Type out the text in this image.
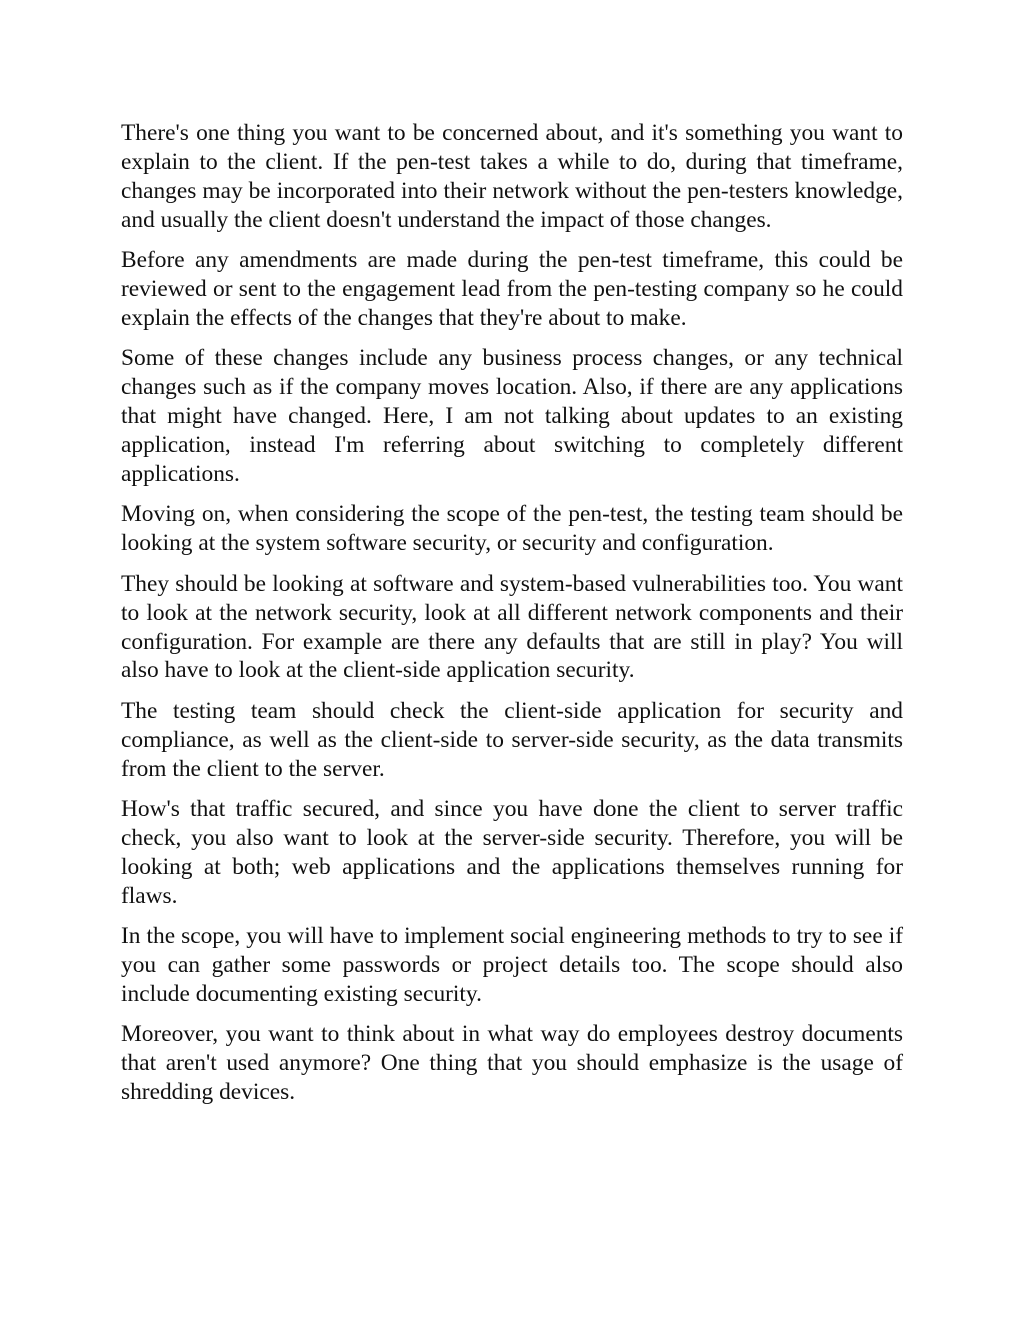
There's one thing you want to be concerned about, and it's something you want to explain to the client. If the pen-test takes a while to do, during that timeframe, changes may be incorporated into their network without the pen-testers knowledge, and usually the client doesn't understand the impact of those changes.

Before any amendments are made during the pen-test timeframe, this could be reviewed or sent to the engagement lead from the pen-testing company so he could explain the effects of the changes that they're about to make.

Some of these changes include any business process changes, or any technical changes such as if the company moves location. Also, if there are any applications that might have changed. Here, I am not talking about updates to an existing application, instead I'm referring about switching to completely different applications.

Moving on, when considering the scope of the pen-test, the testing team should be looking at the system software security, or security and configuration.

They should be looking at software and system-based vulnerabilities too. You want to look at the network security, look at all different network components and their configuration. For example are there any defaults that are still in play? You will also have to look at the client-side application security.

The testing team should check the client-side application for security and compliance, as well as the client-side to server-side security, as the data transmits from the client to the server.

How's that traffic secured, and since you have done the client to server traffic check, you also want to look at the server-side security. Therefore, you will be looking at both; web applications and the applications themselves running for flaws.

In the scope, you will have to implement social engineering methods to try to see if you can gather some passwords or project details too. The scope should also include documenting existing security.

Moreover, you want to think about in what way do employees destroy documents that aren't used anymore? One thing that you should emphasize is the usage of shredding devices.
